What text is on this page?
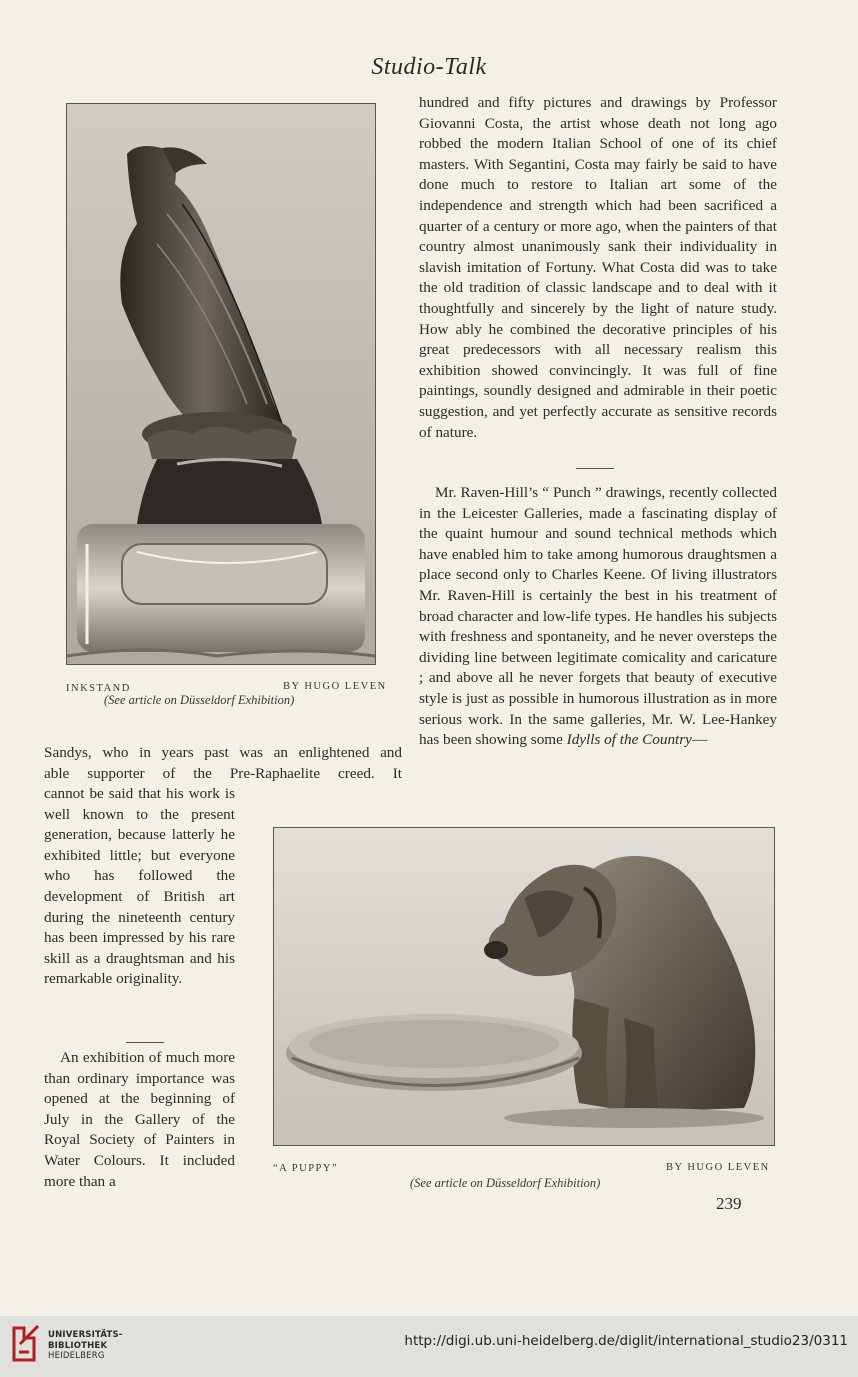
Studio-Talk
INKSTAND	BY HUGO LEVEN
(See article on Düsseldorf Exhibition)

Sandys, who in years past was an enlightened and

able supporter of the Pre-Raphaelite creed. It

cannot be said that his work is well known to the present generation, because latterly he exhibited little; but everyone who has followed the development of British art during the nineteenth century has been impressed by his rare skill as a draughtsman and his remarkable originality.

An exhibition of much more than ordinary importance was opened at the beginning of July in the Gallery of the Royal Society of Painters in Water Colours. It included more than a

hundred and fifty pictures and drawings by Professor Giovanni Costa, the artist whose death not long ago robbed the modern Italian School of one of its chief masters. With Segantini, Costa may fairly be said to have done much to restore to Italian art some of the independence and strength which had been sacrificed a quarter of a century or more ago, when the painters of that country almost unanimously sank their individuality in slavish imitation of Fortuny. What Costa did was to take the old tradition of classic landscape and to deal with it thoughtfully and sincerely by the light of nature study. How ably he combined the decorative principles of his great predecessors with all necessary realism this exhibition showed convincingly. It was full of fine paintings, soundly designed and admirable in their poetic suggestion, and yet perfectly accurate as sensitive records of nature.

Mr. Raven-Hill’s “ Punch ” drawings, recently collected in the Leicester Galleries, made a fascinating display of the quaint humour and sound technical methods which have enabled him to take among humorous draughtsmen a place second only to Charles Keene. Of living illustrators Mr. Raven-Hill is certainly the best in his treatment of broad character and low-life types. He handles his subjects with freshness and spontaneity, and he never oversteps the dividing line between legitimate comicality and caricature ; and above all he never forgets that beauty of executive style is just as possible in humorous illustration as in more serious work. In the same galleries, Mr. W. Lee-Hankey has been showing some Idylls of the Country—

“A PUPPY”	BY HUGO LEVEN
(See article on Düsseldorf Exhibition)
239
UNIVERSITÄTS-
BIBLIOTHEK
HEIDELBERG
http://digi.ub.uni-heidelberg.de/diglit/international_studio23/0311
